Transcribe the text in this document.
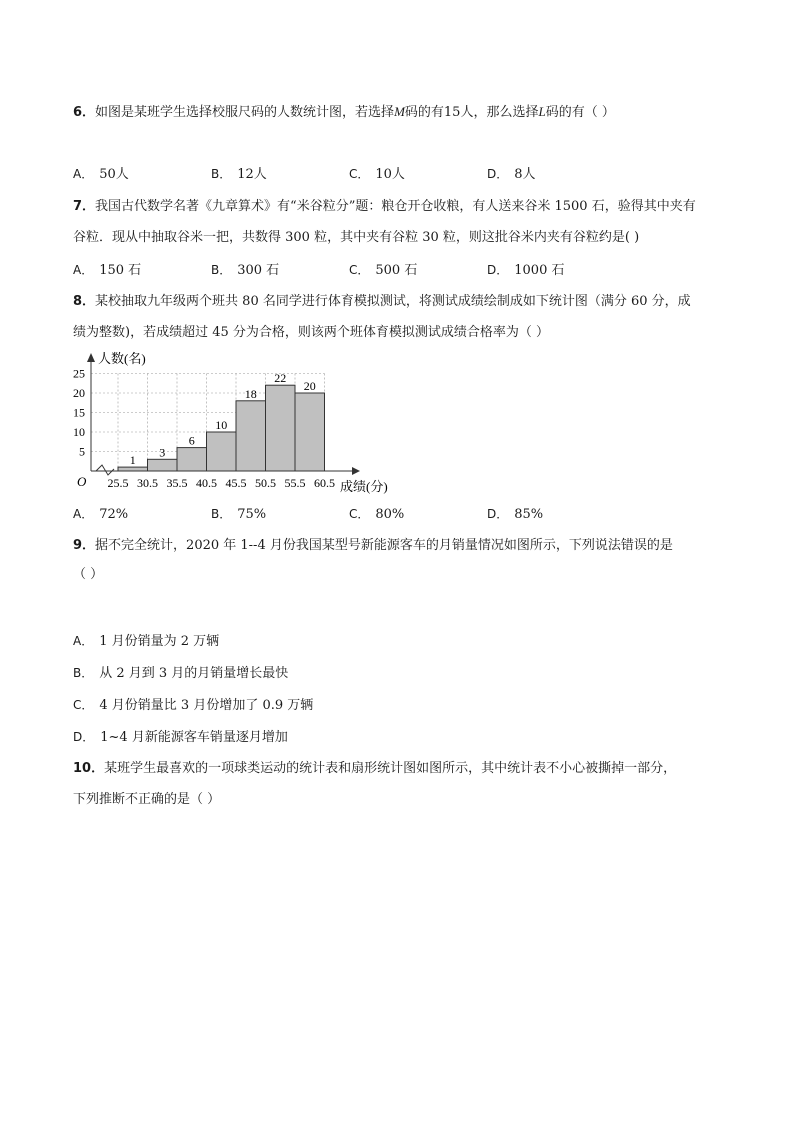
6．如图是某班学生选择校服尺码的人数统计图，若选择M码的有15人，那么选择L码的有（ ）
A． 50人	B． 12人	C． 10人	D． 8人
7．我国古代数学名著《九章算术》有“米谷粒分”题：粮仓开仓收粮，有人送来谷米 1500 石，验得其中夹有
谷粒．现从中抽取谷米一把，共数得 300 粒，其中夹有谷粒 30 粒，则这批谷米内夹有谷粒约是( )
A． 150 石	B． 300 石	C． 500 石	D． 1000 石
8．某校抽取九年级两个班共 80 名同学进行体育模拟测试，将测试成绩绘制成如下统计图（满分 60 分，成
绩为整数)，若成绩超过 45 分为合格，则该两个班体育模拟测试成绩合格率为（ ）
人数(名)
成绩(分)
O
5
10
15
20
25
25.5 30.5 35.5 40.5 45.5 50.5 55.5 60.5
1
3
6
10
18
22
20
A． 72%	B． 75%	C． 80%	D． 85%
9．据不完全统计，2020 年 1--4 月份我国某型号新能源客车的月销量情况如图所示，下列说法错误的是
（ ）
A． 1 月份销量为 2 万辆
B． 从 2 月到 3 月的月销量增长最快
C． 4 月份销量比 3 月份增加了 0.9 万辆
D． 1~4 月新能源客车销量逐月增加
10．某班学生最喜欢的一项球类运动的统计表和扇形统计图如图所示，其中统计表不小心被撕掉一部分，
下列推断不正确的是（ ）
